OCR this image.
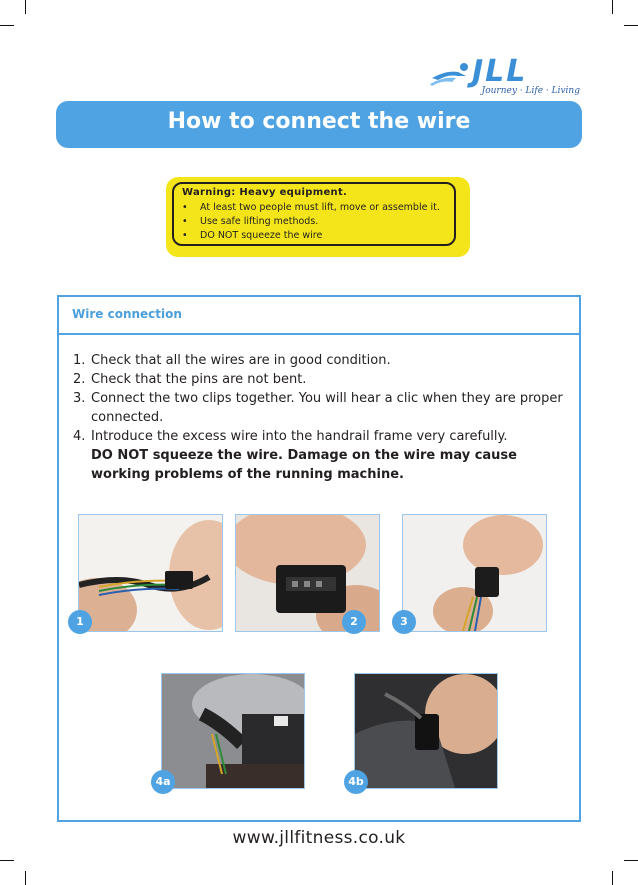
JLL
Journey · Life · Living
How to connect the wire
Warning: Heavy equipment.
• At least two people must lift, move or assemble it.
• Use safe lifting methods.
• DO NOT squeeze the wire
Wire connection
1. Check that all the wires are in good condition.
2. Check that the pins are not bent.
3. Connect the two clips together. You will hear a clic when they are proper connected.
4. Introduce the excess wire into the handrail frame very carefully.
DO NOT squeeze the wire. Damage on the wire may cause working problems of the running machine.
1	2	3
4a	4b
www.jllfitness.co.uk
